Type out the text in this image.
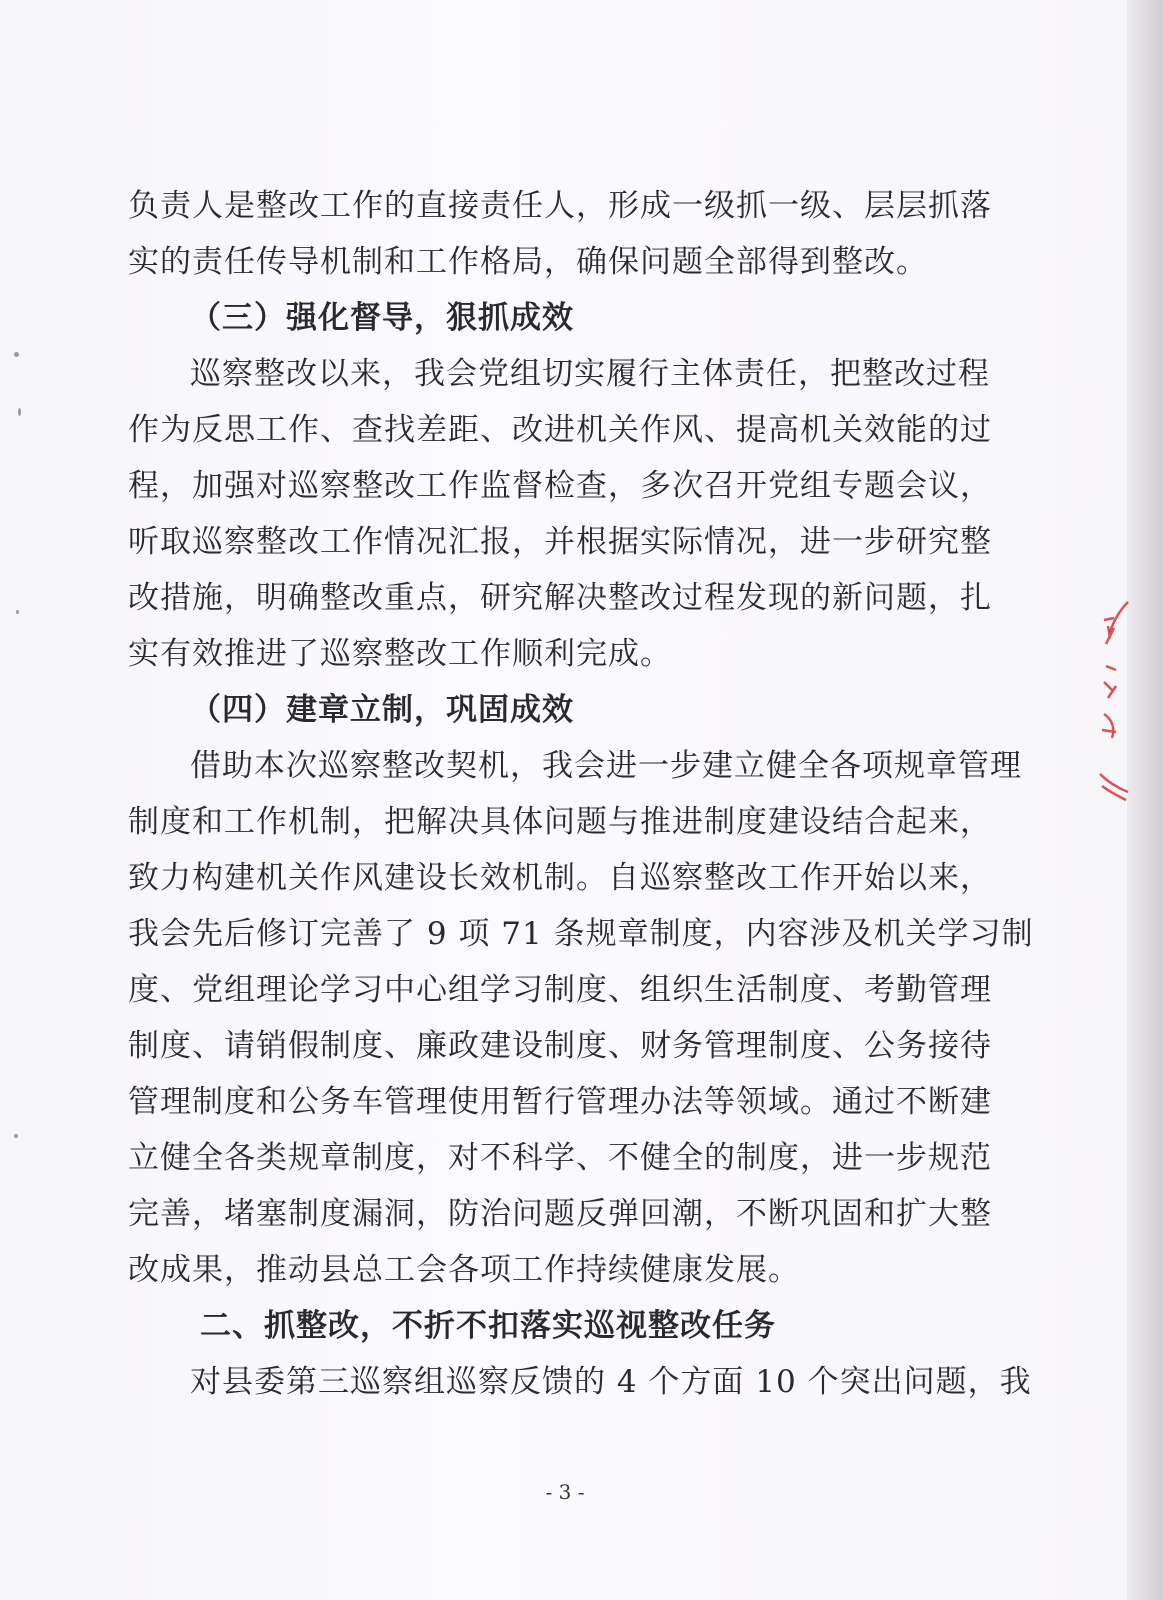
负责人是整改工作的直接责任人，形成一级抓一级、层层抓落
实的责任传导机制和工作格局，确保问题全部得到整改。
（三）强化督导，狠抓成效
巡察整改以来，我会党组切实履行主体责任，把整改过程
作为反思工作、查找差距、改进机关作风、提高机关效能的过
程，加强对巡察整改工作监督检查，多次召开党组专题会议，
听取巡察整改工作情况汇报，并根据实际情况，进一步研究整
改措施，明确整改重点，研究解决整改过程发现的新问题，扎
实有效推进了巡察整改工作顺利完成。
（四）建章立制，巩固成效
借助本次巡察整改契机，我会进一步建立健全各项规章管理
制度和工作机制，把解决具体问题与推进制度建设结合起来，
致力构建机关作风建设长效机制。自巡察整改工作开始以来，
我会先后修订完善了 9 项 71 条规章制度，内容涉及机关学习制
度、党组理论学习中心组学习制度、组织生活制度、考勤管理
制度、请销假制度、廉政建设制度、财务管理制度、公务接待
管理制度和公务车管理使用暂行管理办法等领域。通过不断建
立健全各类规章制度，对不科学、不健全的制度，进一步规范
完善，堵塞制度漏洞，防治问题反弹回潮，不断巩固和扩大整
改成果，推动县总工会各项工作持续健康发展。
二、抓整改，不折不扣落实巡视整改任务
对县委第三巡察组巡察反馈的 4 个方面 10 个突出问题，我
- 3 -
